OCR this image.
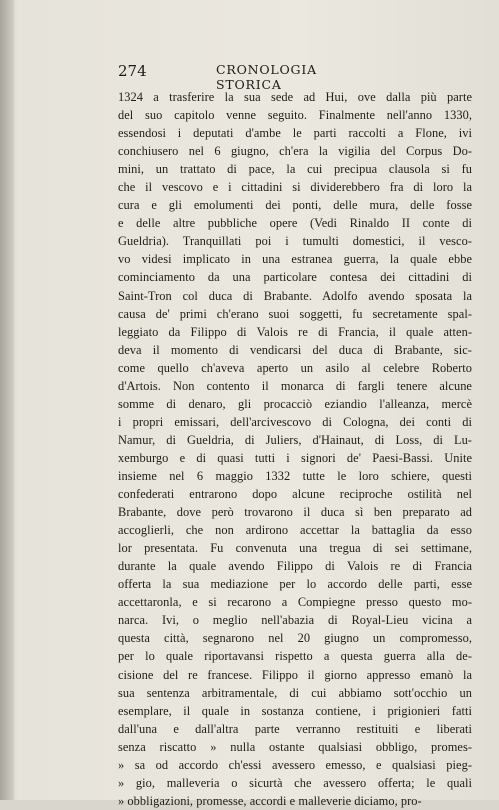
274	CRONOLOGIA STORICA
1324 a trasferire la sua sede ad Hui, ove dalla più parte
del suo capitolo venne seguito. Finalmente nell'anno 1330,
essendosi i deputati d'ambe le parti raccolti a Flone, ivi
conchiusero nel 6 giugno, ch'era la vigilia del Corpus Do-
mini, un trattato di pace, la cui precipua clausola si fu
che il vescovo e i cittadini si dividerebbero fra di loro la
cura e gli emolumenti dei ponti, delle mura, delle fosse
e delle altre pubbliche opere (Vedi Rinaldo II conte di
Gueldria). Tranquillati poi i tumulti domestici, il vesco-
vo videsi implicato in una estranea guerra, la quale ebbe
cominciamento da una particolare contesa dei cittadini di
Saint-Tron col duca di Brabante. Adolfo avendo sposata la
causa de' primi ch'erano suoi soggetti, fu secretamente spal-
leggiato da Filippo di Valois re di Francia, il quale atten-
deva il momento di vendicarsi del duca di Brabante, sic-
come quello ch'aveva aperto un asilo al celebre Roberto
d'Artois. Non contento il monarca di fargli tenere alcune
somme di denaro, gli procacciò eziandio l'alleanza, mercè
i propri emissari, dell'arcivescovo di Cologna, dei conti di
Namur, di Gueldria, di Juliers, d'Hainaut, di Loss, di Lu-
xemburgo e di quasi tutti i signori de' Paesi-Bassi. Unite
insieme nel 6 maggio 1332 tutte le loro schiere, questi
confederati entrarono dopo alcune reciproche ostilità nel
Brabante, dove però trovarono il duca sì ben preparato ad
accoglierli, che non ardirono accettar la battaglia da esso
lor presentata. Fu convenuta una tregua di sei settimane,
durante la quale avendo Filippo di Valois re di Francia
offerta la sua mediazione per lo accordo delle parti, esse
accettaronla, e si recarono a Compiegne presso questo mo-
narca. Ivi, o meglio nell'abazia di Royal-Lieu vicina a
questa città, segnarono nel 20 giugno un compromesso,
per lo quale riportavansi rispetto a questa guerra alla de-
cisione del re francese. Filippo il giorno appresso emanò la
sua sentenza arbitramentale, di cui abbiamo sott'occhio un
esemplare, il quale in sostanza contiene, i prigionieri fatti
dall'una e dall'altra parte verranno restituiti e liberati
senza riscatto » nulla ostante qualsiasi obbligo, promes-
» sa od accordo ch'essi avessero emesso, e qualsiasi pieg-
» gio, malleveria o sicurtà che avessero offerta; le quali
» obbligazioni, promesse, accordi e malleverie diciamo, pro-
